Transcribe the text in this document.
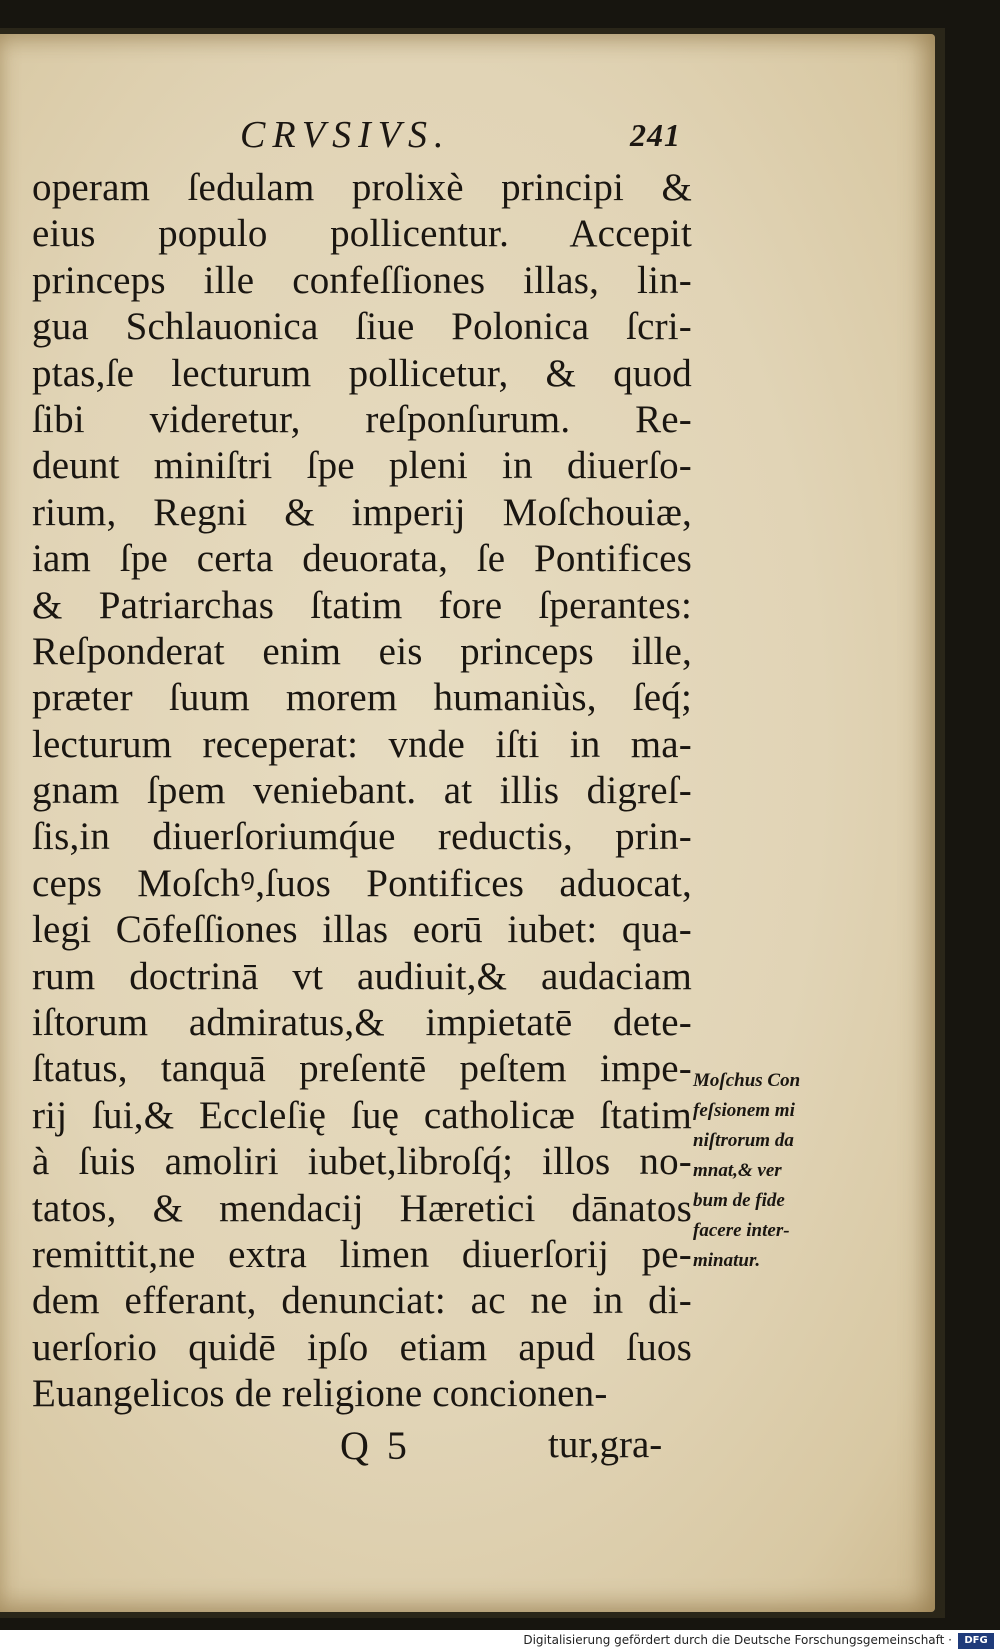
CRVSIVS.	241
operam ſedulam prolixè principi &
eius populo pollicentur. Accepit
princeps ille confeſſiones illas, lin-
gua Schlauonica ſiue Polonica ſcri-
ptas,ſe lecturum pollicetur, & quod
ſibi videretur, reſponſurum. Re-
deunt miniſtri ſpe pleni in diuerſo-
rium, Regni & imperij Moſchouiæ,
iam ſpe certa deuorata, ſe Pontifices
& Patriarchas ſtatim fore ſperantes:
Reſponderat enim eis princeps ille,
præter ſuum morem humaniùs, ſeq́;
lecturum receperat: vnde iſti in ma-
gnam ſpem veniebant. at illis digreſ-
ſis,in diuerſoriumq́ue reductis, prin-
ceps Moſchꝰ,ſuos Pontifices aduocat,
legi Cōfeſſiones illas eorū iubet: qua-
rum doctrinā vt audiuit,& audaciam
iſtorum admiratus,& impietatē dete-
ſtatus, tanquā preſentē peſtem impe-
rij ſui,& Eccleſię ſuę catholicæ ſtatim
à ſuis amoliri iubet,libroſq́; illos no-
tatos, & mendacij Hæretici dānatos
remittit,ne extra limen diuerſorij pe-
dem efferant, denunciat: ac ne in di-
uerſorio quidē ipſo etiam apud ſuos
Euangelicos de religione concionen-
Moſchus Con
feſsionem mi
niſtrorum da
mnat,& ver
bum de fide
facere inter-
minatur.
Q 5	tur,gra-
Digitalisierung gefördert durch die Deutsche Forschungsgemeinschaft ·	DFG
